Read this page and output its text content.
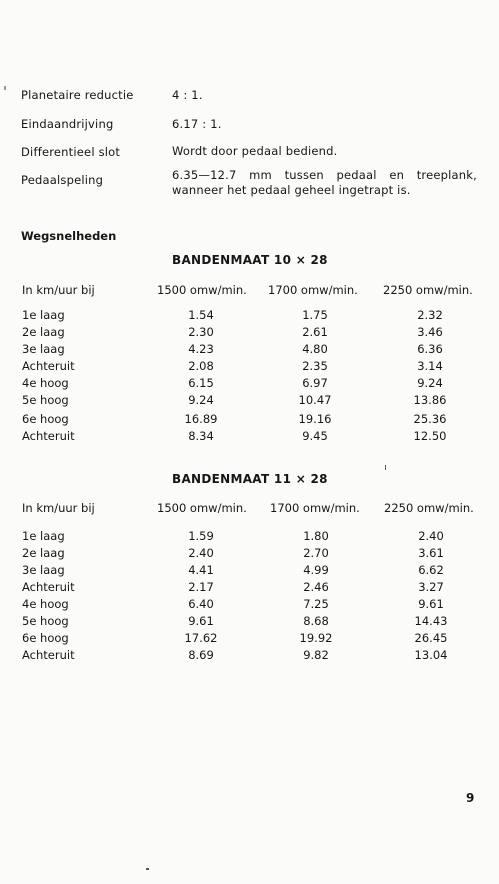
Planetaire reductie	4 : 1.
Eindaandrijving	6.17 : 1.
Differentieel slot	Wordt door pedaal bediend.
Pedaalspeling	6.35—12.7 mm tussen pedaal en treeplank, wanneer het pedaal geheel ingetrapt is.
Wegsnelheden
BANDENMAAT 10 × 28
In km/uur bij	1500 omw/min. 1700 omw/min. 2250 omw/min.
1e laag	1.54	1.75	2.32
2e laag	2.30	2.61	3.46
3e laag	4.23	4.80	6.36
Achteruit	2.08	2.35	3.14
4e hoog	6.15	6.97	9.24
5e hoog	9.24	10.47	13.86
6e hoog	16.89	19.16	25.36
Achteruit	8.34	9.45	12.50
BANDENMAAT 11 × 28
In km/uur bij	1500 omw/min. 1700 omw/min. 2250 omw/min.
1e laag	1.59	1.80	2.40
2e laag	2.40	2.70	3.61
3e laag	4.41	4.99	6.62
Achteruit	2.17	2.46	3.27
4e hoog	6.40	7.25	9.61
5e hoog	9.61	8.68	14.43
6e hoog	17.62	19.92	26.45
Achteruit	8.69	9.82	13.04
9
